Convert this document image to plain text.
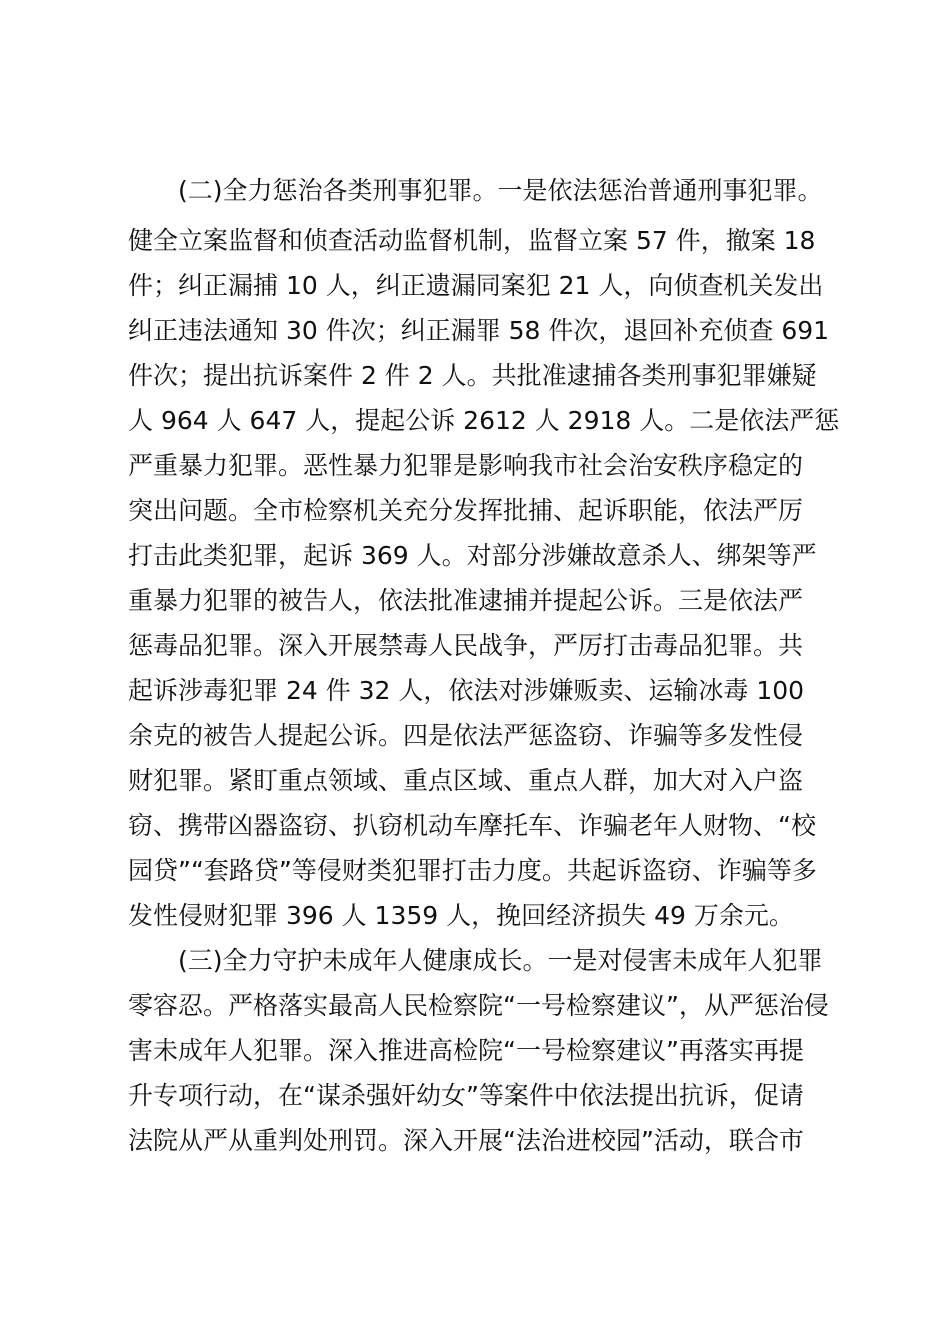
(二)全力惩治各类刑事犯罪。一是依法惩治普通刑事犯罪。
健全立案监督和侦查活动监督机制，监督立案 57 件，撤案 18
件；纠正漏捕 10 人，纠正遗漏同案犯 21 人，向侦查机关发出
纠正违法通知 30 件次；纠正漏罪 58 件次，退回补充侦查 691
件次；提出抗诉案件 2 件 2 人。共批准逮捕各类刑事犯罪嫌疑
人 964 人 647 人，提起公诉 2612 人 2918 人。二是依法严惩
严重暴力犯罪。恶性暴力犯罪是影响我市社会治安秩序稳定的
突出问题。全市检察机关充分发挥批捕、起诉职能，依法严厉
打击此类犯罪，起诉 369 人。对部分涉嫌故意杀人、绑架等严
重暴力犯罪的被告人，依法批准逮捕并提起公诉。三是依法严
惩毒品犯罪。深入开展禁毒人民战争，严厉打击毒品犯罪。共
起诉涉毒犯罪 24 件 32 人，依法对涉嫌贩卖、运输冰毒 100
余克的被告人提起公诉。四是依法严惩盗窃、诈骗等多发性侵
财犯罪。紧盯重点领域、重点区域、重点人群，加大对入户盗
窃、携带凶器盗窃、扒窃机动车摩托车、诈骗老年人财物、“校
园贷”“套路贷”等侵财类犯罪打击力度。共起诉盗窃、诈骗等多
发性侵财犯罪 396 人 1359 人，挽回经济损失 49 万余元。
(三)全力守护未成年人健康成长。一是对侵害未成年人犯罪
零容忍。严格落实最高人民检察院“一号检察建议”，从严惩治侵
害未成年人犯罪。深入推进高检院“一号检察建议”再落实再提
升专项行动，在“谋杀强奸幼女”等案件中依法提出抗诉，促请
法院从严从重判处刑罚。深入开展“法治进校园”活动，联合市
